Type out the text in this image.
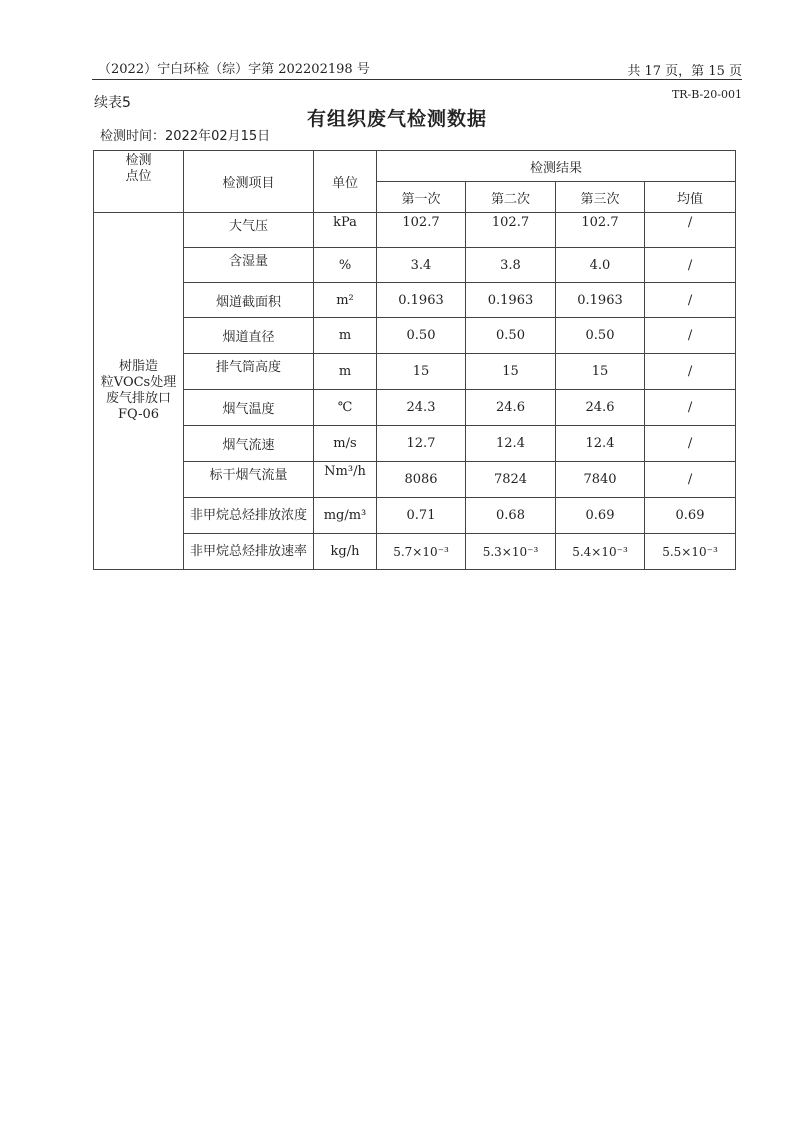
（2022）宁白环检（综）字第 202202198 号	共 17 页，第 15 页
TR-B-20-001
续表5
有组织废气检测数据
检测时间：2022年02月15日
检测
点位	检测项目	单位	检测结果			
			第一次	第二次	第三次	均值
树脂造
粒VOCs处理
废气排放口
FQ-06	大气压	kPa	102.7	102.7	102.7	/
	含湿量	%	3.4	3.8	4.0	/
	烟道截面积	m²	0.1963	0.1963	0.1963	/
	烟道直径	m	0.50	0.50	0.50	/
	排气筒高度	m	15	15	15	/
	烟气温度	℃	24.3	24.6	24.6	/
	烟气流速	m/s	12.7	12.4	12.4	/
	标干烟气流量	Nm³/h	8086	7824	7840	/
	非甲烷总烃排放浓度	mg/m³	0.71	0.68	0.69	0.69
	非甲烷总烃排放速率	kg/h	5.7×10⁻³	5.3×10⁻³	5.4×10⁻³	5.5×10⁻³
